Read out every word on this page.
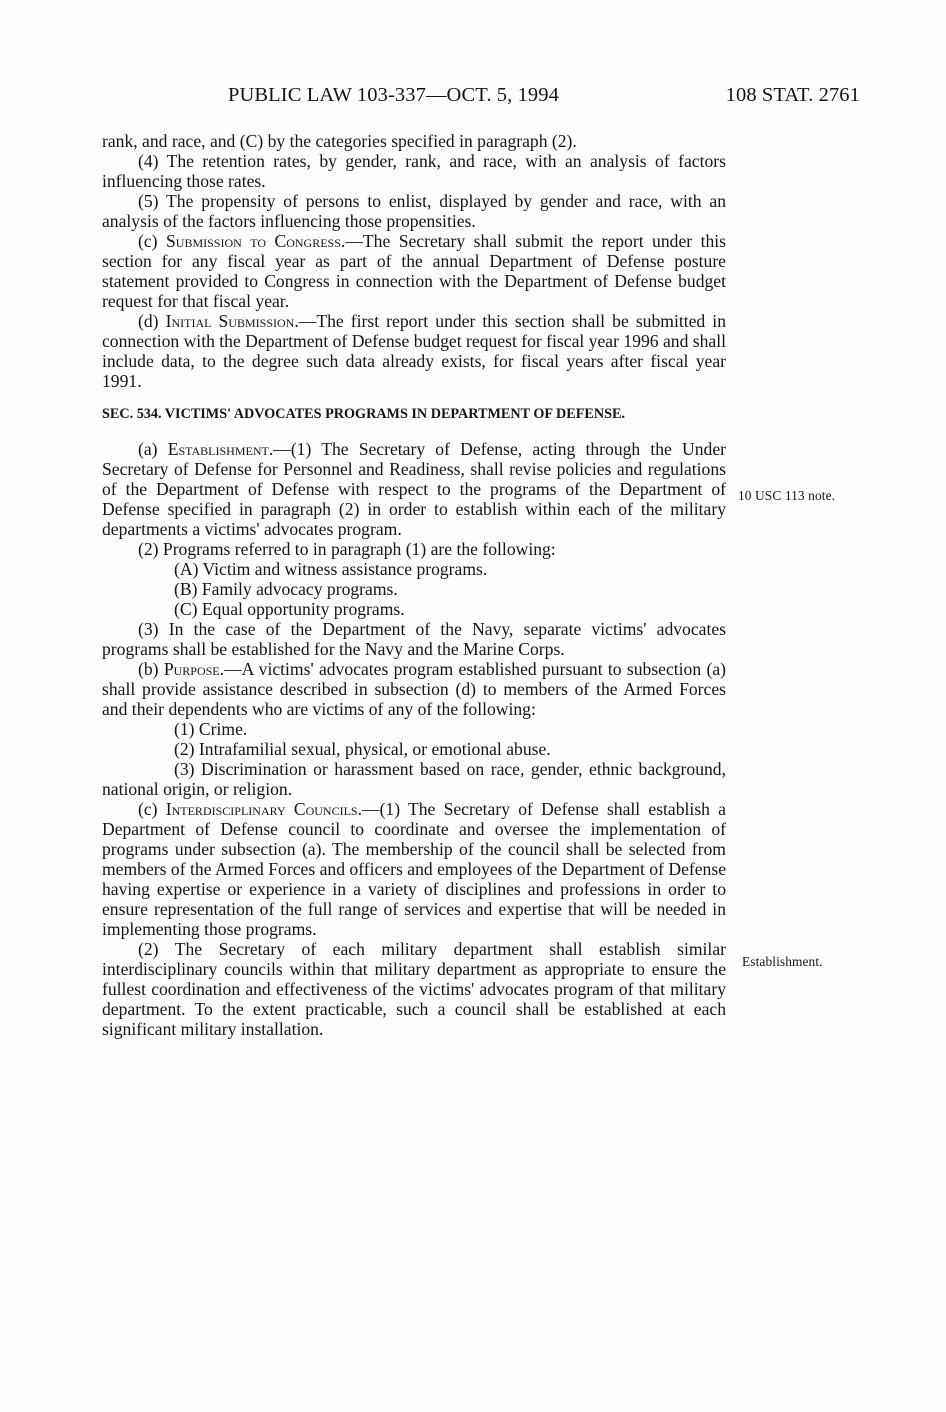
PUBLIC LAW 103-337—OCT. 5, 1994	108 STAT. 2761
10 USC 113 note.
Establishment.

rank, and race, and (C) by the categories specified in paragraph (2).

(4) The retention rates, by gender, rank, and race, with an analysis of factors influencing those rates.

(5) The propensity of persons to enlist, displayed by gender and race, with an analysis of the factors influencing those propensities.

(c) Submission to Congress.—The Secretary shall submit the report under this section for any fiscal year as part of the annual Department of Defense posture statement provided to Congress in connection with the Department of Defense budget request for that fiscal year.

(d) Initial Submission.—The first report under this section shall be submitted in connection with the Department of Defense budget request for fiscal year 1996 and shall include data, to the degree such data already exists, for fiscal years after fiscal year 1991.

SEC. 534. VICTIMS' ADVOCATES PROGRAMS IN DEPARTMENT OF DEFENSE.

(a) Establishment.—(1) The Secretary of Defense, acting through the Under Secretary of Defense for Personnel and Readiness, shall revise policies and regulations of the Department of Defense with respect to the programs of the Department of Defense specified in paragraph (2) in order to establish within each of the military departments a victims' advocates program.

(2) Programs referred to in paragraph (1) are the following:

(A) Victim and witness assistance programs.

(B) Family advocacy programs.

(C) Equal opportunity programs.

(3) In the case of the Department of the Navy, separate victims' advocates programs shall be established for the Navy and the Marine Corps.

(b) Purpose.—A victims' advocates program established pursuant to subsection (a) shall provide assistance described in subsection (d) to members of the Armed Forces and their dependents who are victims of any of the following:

(1) Crime.

(2) Intrafamilial sexual, physical, or emotional abuse.

(3) Discrimination or harassment based on race, gender, ethnic background, national origin, or religion.

(c) Interdisciplinary Councils.—(1) The Secretary of Defense shall establish a Department of Defense council to coordinate and oversee the implementation of programs under subsection (a). The membership of the council shall be selected from members of the Armed Forces and officers and employees of the Department of Defense having expertise or experience in a variety of disciplines and professions in order to ensure representation of the full range of services and expertise that will be needed in implementing those programs.

(2) The Secretary of each military department shall establish similar interdisciplinary councils within that military department as appropriate to ensure the fullest coordination and effectiveness of the victims' advocates program of that military department. To the extent practicable, such a council shall be established at each significant military installation.
